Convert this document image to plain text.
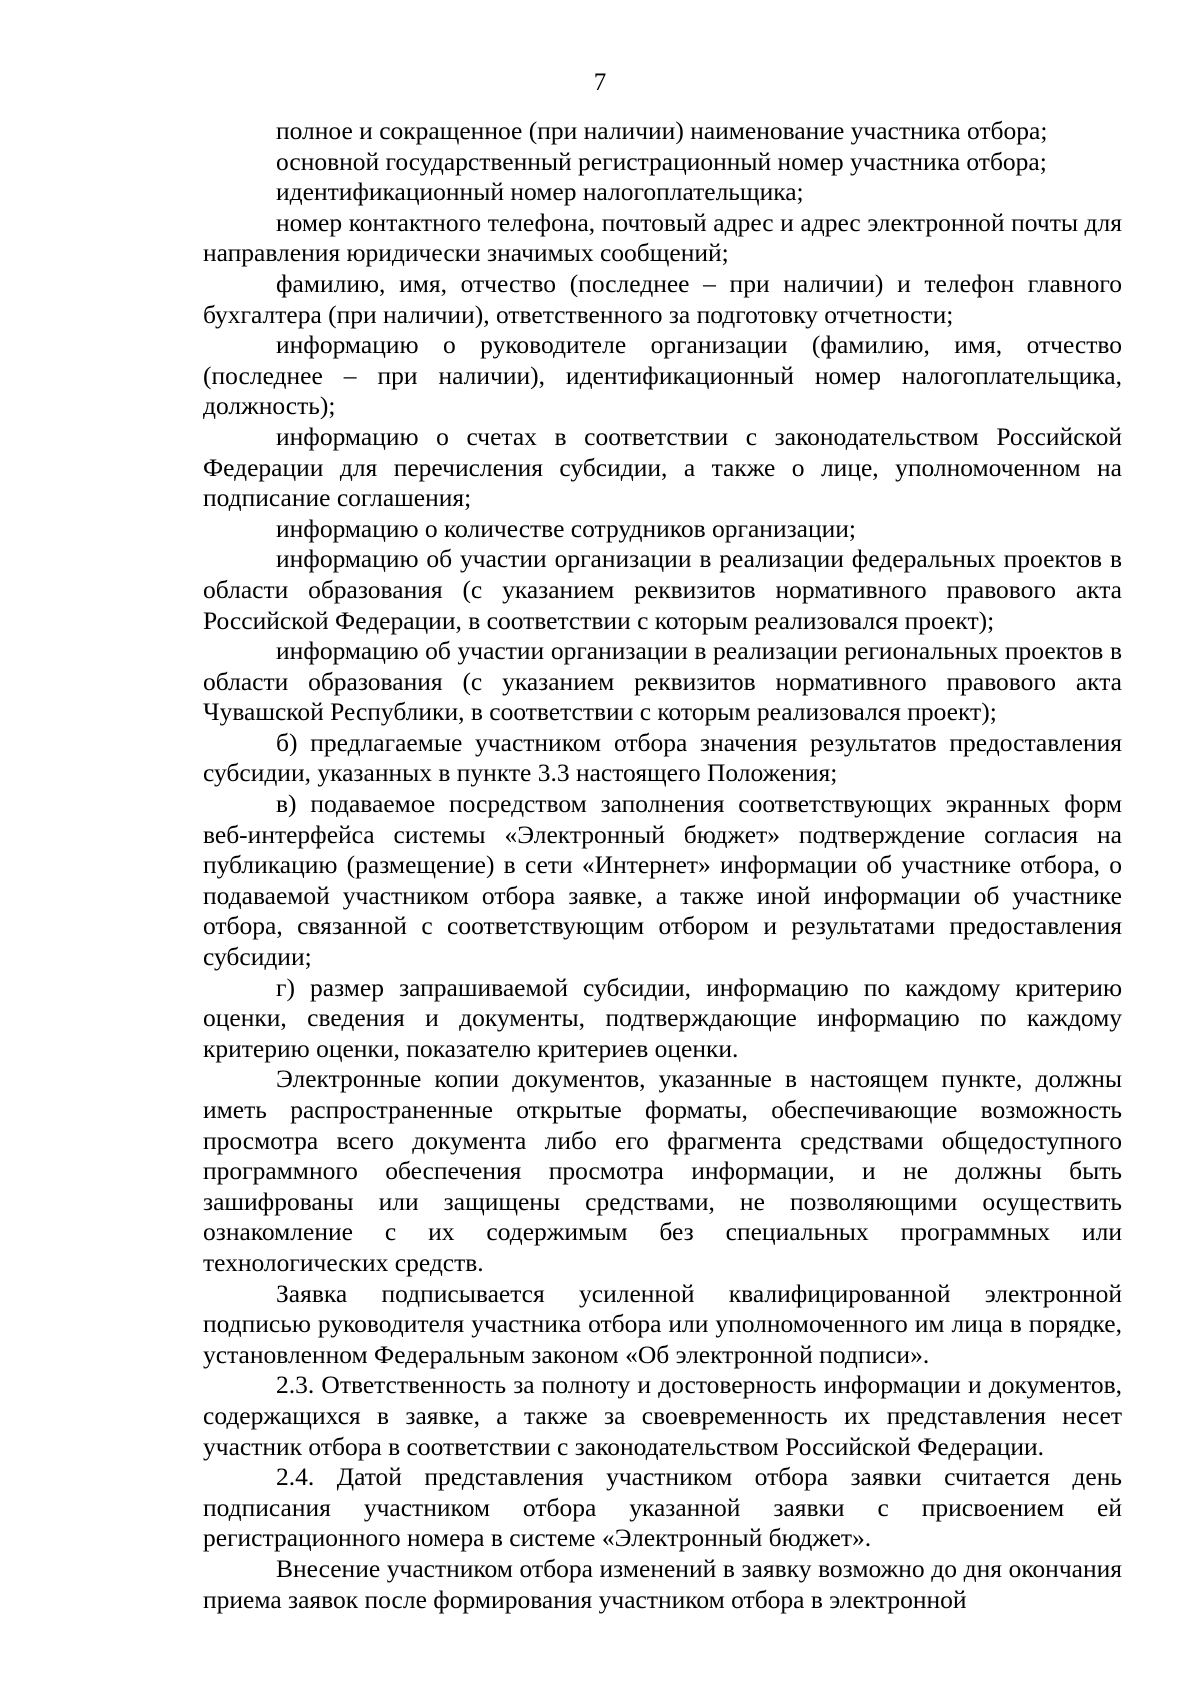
7

полное и сокращенное (при наличии) наименование участника отбора;

основной государственный регистрационный номер участника отбора;

идентификационный номер налогоплательщика;

номер контактного телефона, почтовый адрес и адрес электронной почты для направления юридически значимых сообщений;

фамилию, имя, отчество (последнее – при наличии) и телефон главного бухгалтера (при наличии), ответственного за подготовку отчетности;

информацию о руководителе организации (фамилию, имя, отчество (последнее – при наличии), идентификационный номер налогоплательщика, должность);

информацию о счетах в соответствии с законодательством Российской Федерации для перечисления субсидии, а также о лице, уполномоченном на подписание соглашения;

информацию о количестве сотрудников организации;

информацию об участии организации в реализации федеральных проектов в области образования (с указанием реквизитов нормативного правового акта Российской Федерации, в соответствии с которым реализовался проект);

информацию об участии организации в реализации региональных проектов в области образования (с указанием реквизитов нормативного правового акта Чувашской Республики, в соответствии с которым реализовался проект);

б) предлагаемые участником отбора значения результатов предоставления субсидии, указанных в пункте 3.3 настоящего Положения;

в) подаваемое посредством заполнения соответствующих экранных форм веб-интерфейса системы «Электронный бюджет» подтверждение согласия на публикацию (размещение) в сети «Интернет» информации об участнике отбора, о подаваемой участником отбора заявке, а также иной информации об участнике отбора, связанной с соответствующим отбором и результатами предоставления субсидии;

г) размер запрашиваемой субсидии, информацию по каждому критерию оценки, сведения и документы, подтверждающие информацию по каждому критерию оценки, показателю критериев оценки.

Электронные копии документов, указанные в настоящем пункте, должны иметь распространенные открытые форматы, обеспечивающие возможность просмотра всего документа либо его фрагмента средствами общедоступного программного обеспечения просмотра информации, и не должны быть зашифрованы или защищены средствами, не позволяющими осуществить ознакомление с их содержимым без специальных программных или технологических средств.

Заявка подписывается усиленной квалифицированной электронной подписью руководителя участника отбора или уполномоченного им лица в порядке, установленном Федеральным законом «Об электронной подписи».

2.3. Ответственность за полноту и достоверность информации и документов, содержащихся в заявке, а также за своевременность их представления несет участник отбора в соответствии с законодательством Российской Федерации.

2.4. Датой представления участником отбора заявки считается день подписания участником отбора указанной заявки с присвоением ей регистрационного номера в системе «Электронный бюджет».

Внесение участником отбора изменений в заявку возможно до дня окончания приема заявок после формирования участником отбора в электронной
